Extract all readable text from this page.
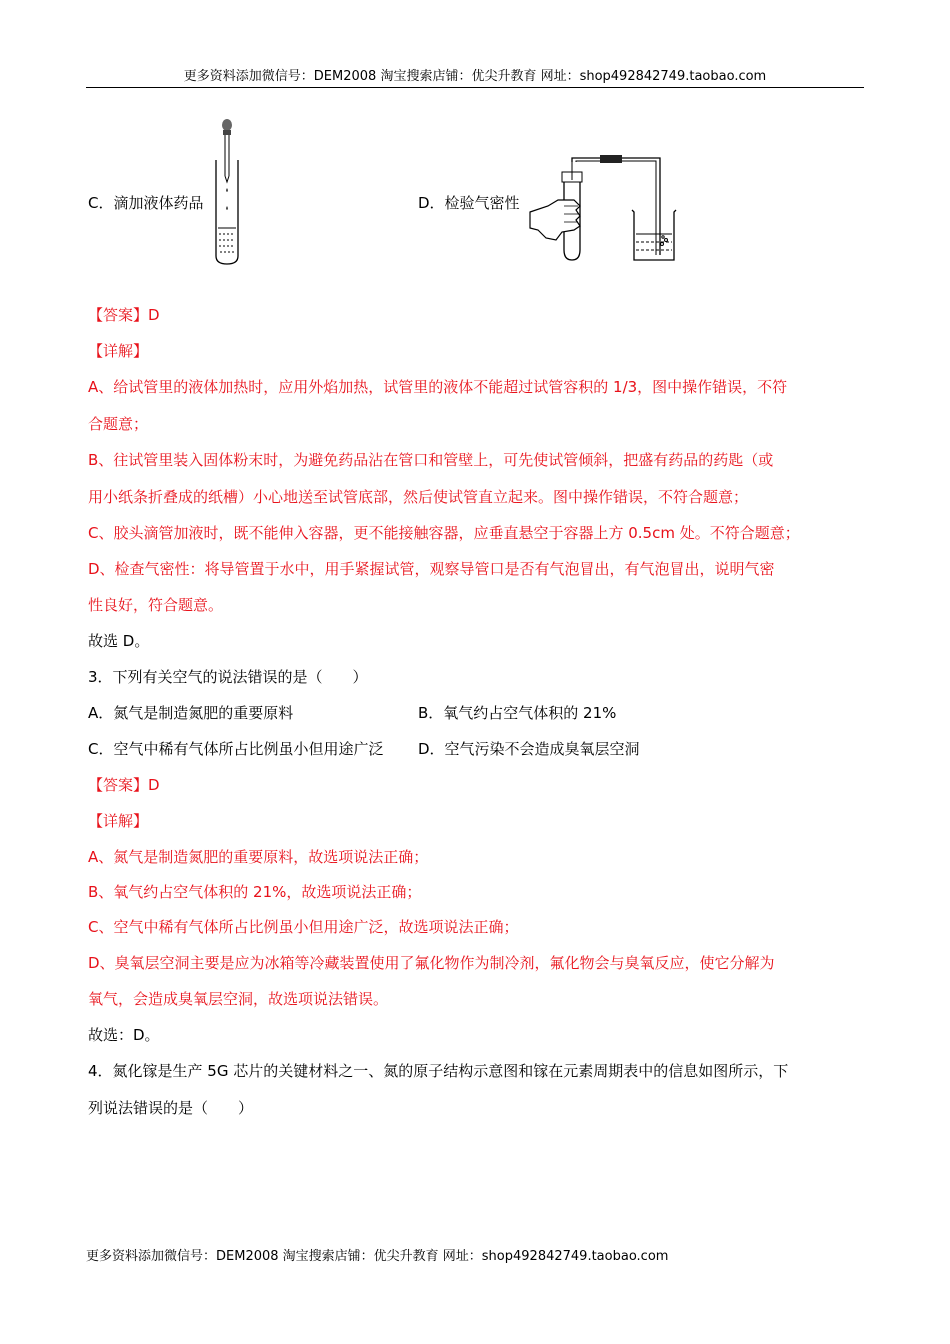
更多资料添加微信号：DEM2008 淘宝搜索店铺：优尖升教育 网址：shop492842749.taobao.com
C．滴加液体药品	D．检验气密性
【答案】D
【详解】
A、给试管里的液体加热时，应用外焰加热，试管里的液体不能超过试管容积的 1/3，图中操作错误，不符
合题意；
B、往试管里装入固体粉末时，为避免药品沾在管口和管壁上，可先使试管倾斜，把盛有药品的药匙（或
用小纸条折叠成的纸槽）小心地送至试管底部，然后使试管直立起来。图中操作错误，不符合题意；
C、胶头滴管加液时，既不能伸入容器，更不能接触容器，应垂直悬空于容器上方 0.5cm 处。不符合题意；
D、检查气密性：将导管置于水中，用手紧握试管，观察导管口是否有气泡冒出，有气泡冒出，说明气密
性良好，符合题意。
故选 D。
3．下列有关空气的说法错误的是（　　）
A．氮气是制造氮肥的重要原料	B．氧气约占空气体积的 21%
C．空气中稀有气体所占比例虽小但用途广泛 D．空气污染不会造成臭氧层空洞
【答案】D
【详解】
A、氮气是制造氮肥的重要原料，故选项说法正确；
B、氧气约占空气体积的 21%，故选项说法正确；
C、空气中稀有气体所占比例虽小但用途广泛，故选项说法正确；
D、臭氧层空洞主要是应为冰箱等冷藏装置使用了氟化物作为制冷剂，氟化物会与臭氧反应，使它分解为
氧气，会造成臭氧层空洞，故选项说法错误。
故选：D。
4．氮化镓是生产 5G 芯片的关键材料之一、氮的原子结构示意图和镓在元素周期表中的信息如图所示，下
列说法错误的是（　　）
更多资料添加微信号：DEM2008 淘宝搜索店铺：优尖升教育 网址：shop492842749.taobao.com
